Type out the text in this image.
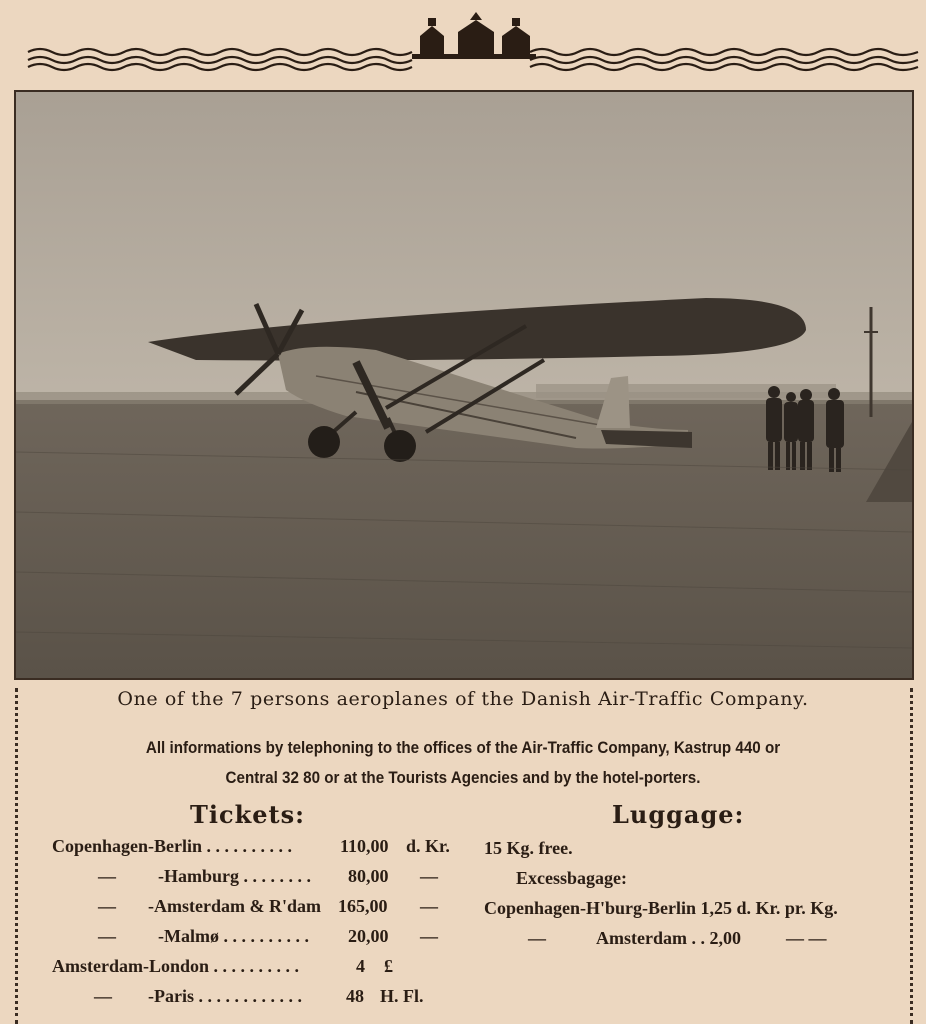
One of the 7 persons aeroplanes of the Danish Air-Traffic Company.
All informations by telephoning to the offices of the Air-Traffic Company, Kastrup 440 or
Central 32 80 or at the Tourists Agencies and by the hotel-porters.
Tickets:	Luggage:
Copenhagen-Berlin . . . . . . . . . .	110,00 d. Kr.
— -Hamburg . . . . . . . . 80,00 —
— -Amsterdam & R'dam 165,00 —
— -Malmø . . . . . . . . . . 20,00 —
Amsterdam-London . . . . . . . . . .	4 £
— -Paris . . . . . . . . . . . . 48 H. Fl.
15 Kg. free.
Excessbagage:
Copenhagen-H'burg-Berlin 1,25 d. Kr. pr. Kg.
—	Amsterdam . . 2,00	— —
